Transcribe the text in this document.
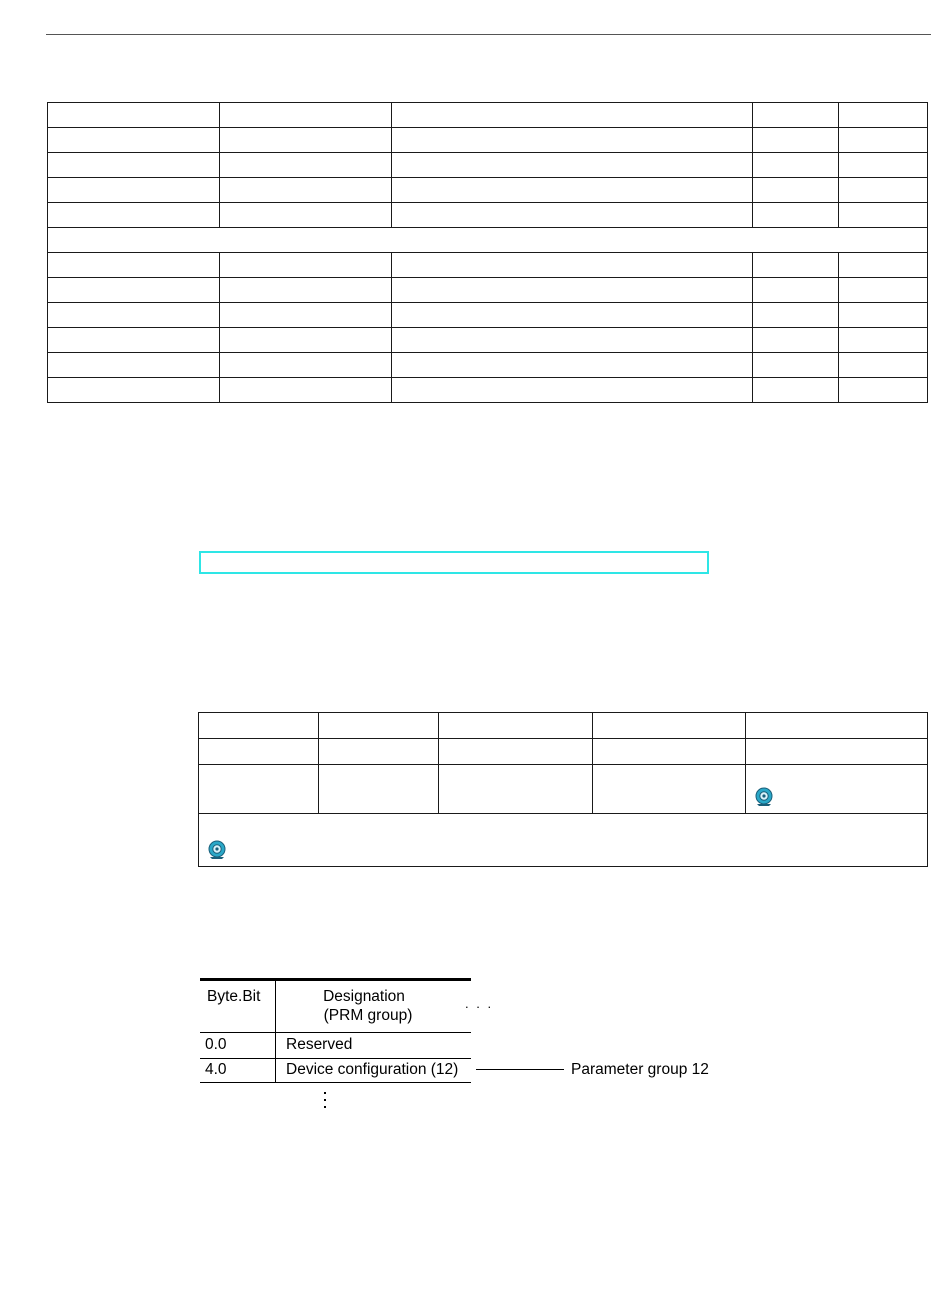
Byte.Bit	Designation
(PRM group)
. . .
0.0	Reserved
4.0	Device configuration (12)	Parameter group 12
